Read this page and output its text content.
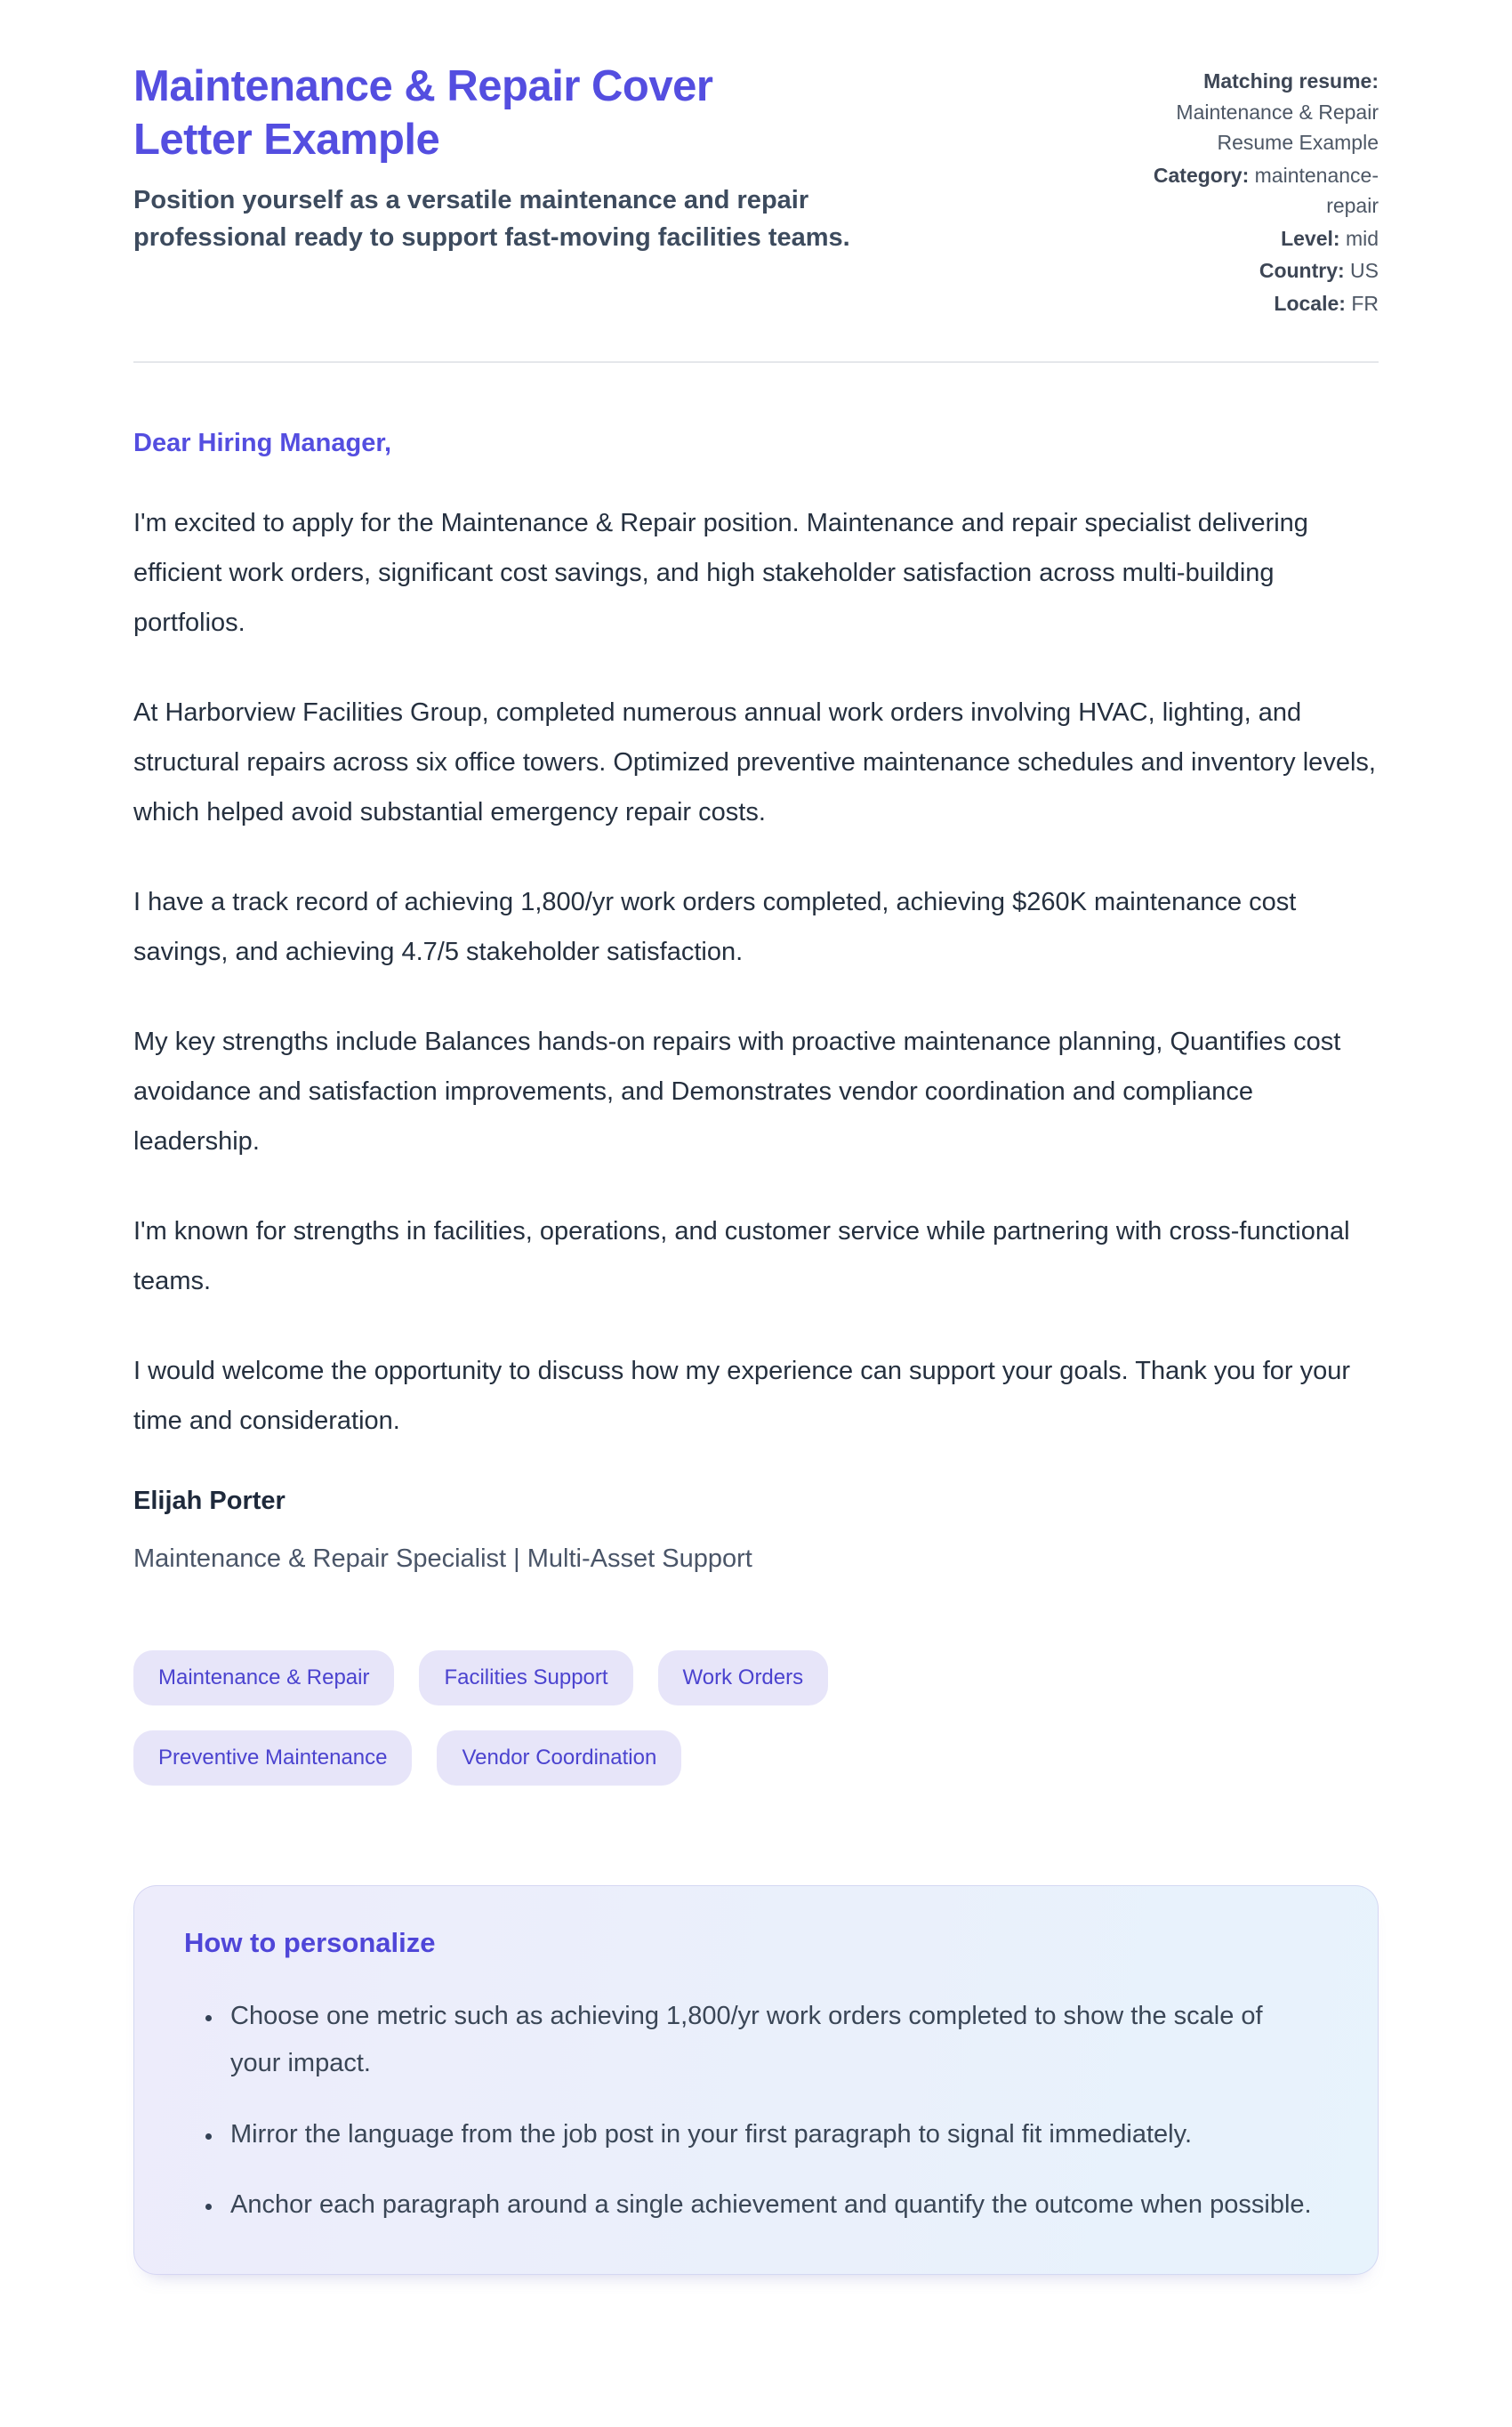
Maintenance & Repair Cover Letter Example

Position yourself as a versatile maintenance and repair professional ready to support fast-moving facilities teams.

Matching resume: Maintenance & Repair Resume Example
Category: maintenance-repair
Level: mid
Country: US
Locale: FR

Dear Hiring Manager,

I'm excited to apply for the Maintenance & Repair position. Maintenance and repair specialist delivering efficient work orders, significant cost savings, and high stakeholder satisfaction across multi-building portfolios.

At Harborview Facilities Group, completed numerous annual work orders involving HVAC, lighting, and structural repairs across six office towers. Optimized preventive maintenance schedules and inventory levels, which helped avoid substantial emergency repair costs.

I have a track record of achieving 1,800/yr work orders completed, achieving $260K maintenance cost savings, and achieving 4.7/5 stakeholder satisfaction.

My key strengths include Balances hands-on repairs with proactive maintenance planning, Quantifies cost avoidance and satisfaction improvements, and Demonstrates vendor coordination and compliance leadership.

I'm known for strengths in facilities, operations, and customer service while partnering with cross-functional teams.

I would welcome the opportunity to discuss how my experience can support your goals. Thank you for your time and consideration.

Elijah Porter

Maintenance & Repair Specialist | Multi-Asset Support

Maintenance & Repair	Facilities Support	Work Orders
Preventive Maintenance	Vendor Coordination
How to personalize
• Choose one metric such as achieving 1,800/yr work orders completed to show the scale of your impact.
• Mirror the language from the job post in your first paragraph to signal fit immediately.
• Anchor each paragraph around a single achievement and quantify the outcome when possible.
